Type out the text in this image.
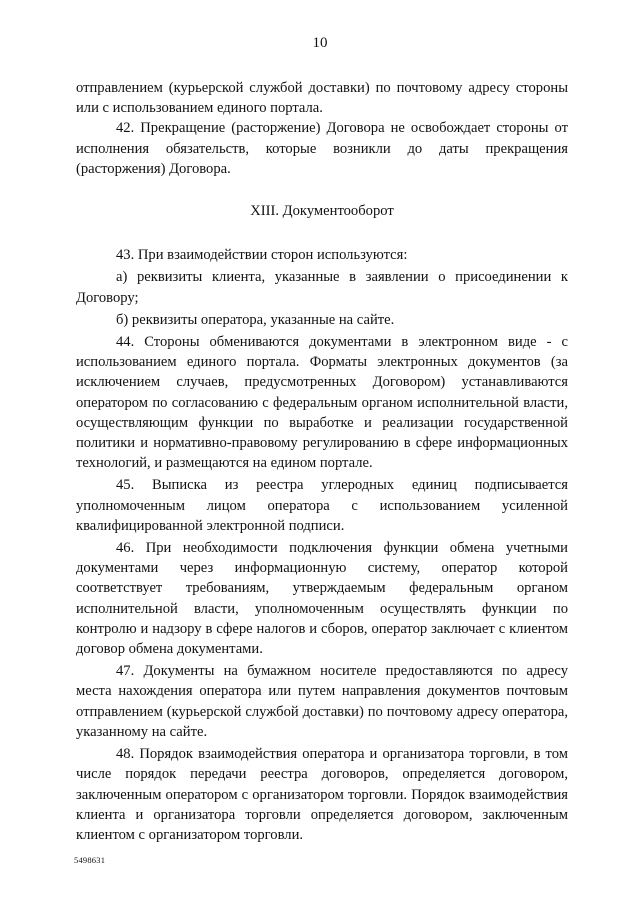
10

отправлением (курьерской службой доставки) по почтовому адресу стороны или с использованием единого портала.

42. Прекращение (расторжение) Договора не освобождает стороны от исполнения обязательств, которые возникли до даты прекращения (расторжения) Договора.

XIII. Документооборот

43. При взаимодействии сторон используются:

а) реквизиты клиента, указанные в заявлении о присоединении к Договору;

б) реквизиты оператора, указанные на сайте.

44. Стороны обмениваются документами в электронном виде - с использованием единого портала. Форматы электронных документов (за исключением случаев, предусмотренных Договором) устанавливаются оператором по согласованию с федеральным органом исполнительной власти, осуществляющим функции по выработке и реализации государственной политики и нормативно-правовому регулированию в сфере информационных технологий, и размещаются на едином портале.

45. Выписка из реестра углеродных единиц подписывается уполномоченным лицом оператора с использованием усиленной квалифицированной электронной подписи.

46. При необходимости подключения функции обмена учетными документами через информационную систему, оператор которой соответствует требованиям, утверждаемым федеральным органом исполнительной власти, уполномоченным осуществлять функции по контролю и надзору в сфере налогов и сборов, оператор заключает с клиентом договор обмена документами.

47. Документы на бумажном носителе предоставляются по адресу места нахождения оператора или путем направления документов почтовым отправлением (курьерской службой доставки) по почтовому адресу оператора, указанному на сайте.

48. Порядок взаимодействия оператора и организатора торговли, в том числе порядок передачи реестра договоров, определяется договором, заключенным оператором с организатором торговли. Порядок взаимодействия клиента и организатора торговли определяется договором, заключенным клиентом с организатором торговли.

5498631
